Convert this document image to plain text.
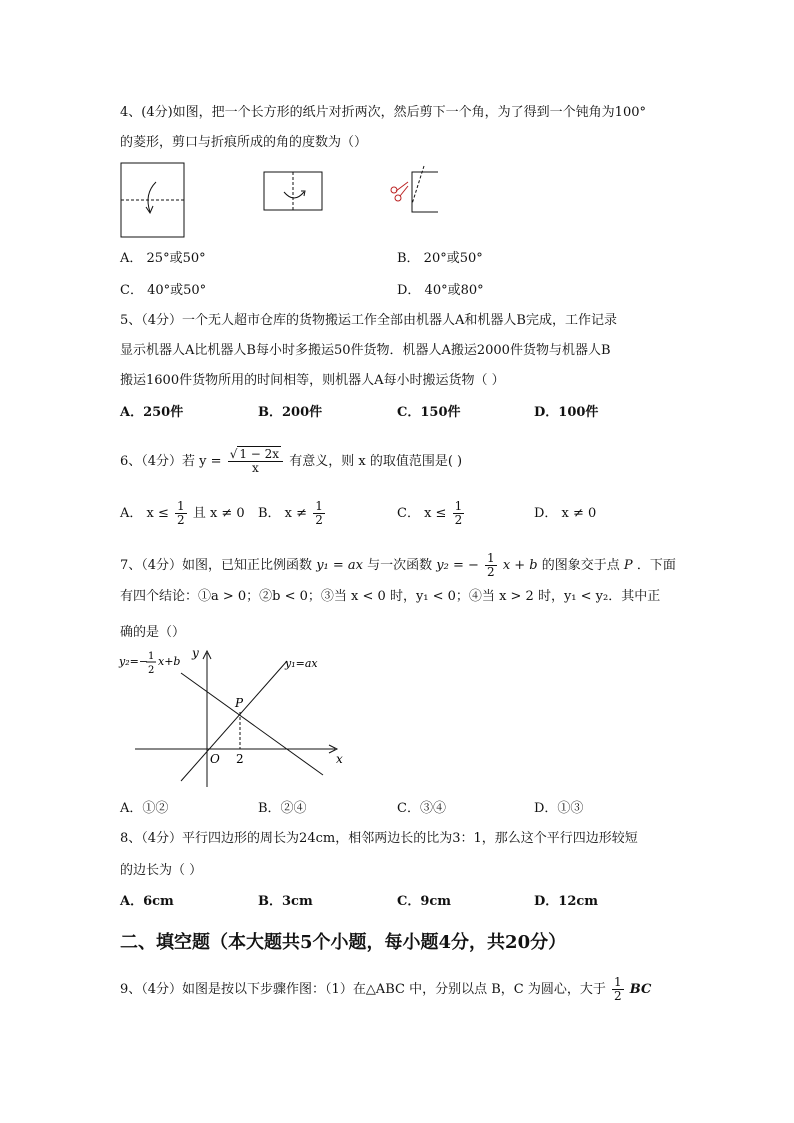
4、(4分)如图，把一个长方形的纸片对折两次，然后剪下一个角，为了得到一个钝角为100°
的菱形，剪口与折痕所成的角的度数为（）
A． 25°或50°	B． 20°或50°
C． 40°或50°	D． 40°或80°
5、（4分）一个无人超市仓库的货物搬运工作全部由机器人A和机器人B完成，工作记录
显示机器人A比机器人B每小时多搬运50件货物．机器人A搬运2000件货物与机器人B
搬运1600件货物所用的时间相等，则机器人A每小时搬运货物（ ）
A．250件	B．200件	C．150件	D．100件
6、（4分）若 $y = \frac{√ 1 - 2x}{x}$ 有意义，则 x 的取值范围是( )
A． $x \le \frac{1}{2}$ 且 x ≠ 0 B． $x \ne \frac{1}{2}$	C． $x \le \frac{1}{2}$	D． x ≠ 0
7、（4分）如图，已知正比例函数 y₁ = ax 与一次函数 y₂ = − $\frac{1}{2}$ x + b 的图象交于点 P ．下面
有四个结论：①a > 0；②b < 0；③当 x < 0 时，y₁ < 0；④当 x > 2 时，y₁ < y₂．其中正
确的是（）
y₂=− 1
2
x+b	y₁=ax
y
x
O 2
P
A．①②	B．②④	C．③④	D．①③
8、（4分）平行四边形的周长为24cm，相邻两边长的比为3：1，那么这个平行四边形较短
的边长为（ ）
A．6cm	B．3cm	C．9cm	D．12cm
二、填空题（本大题共5个小题，每小题4分，共20分）
9、（4分）如图是按以下步骤作图：（1）在△ABC 中，分别以点 B，C 为圆心，大于 $\frac{1}{2}$ BC
